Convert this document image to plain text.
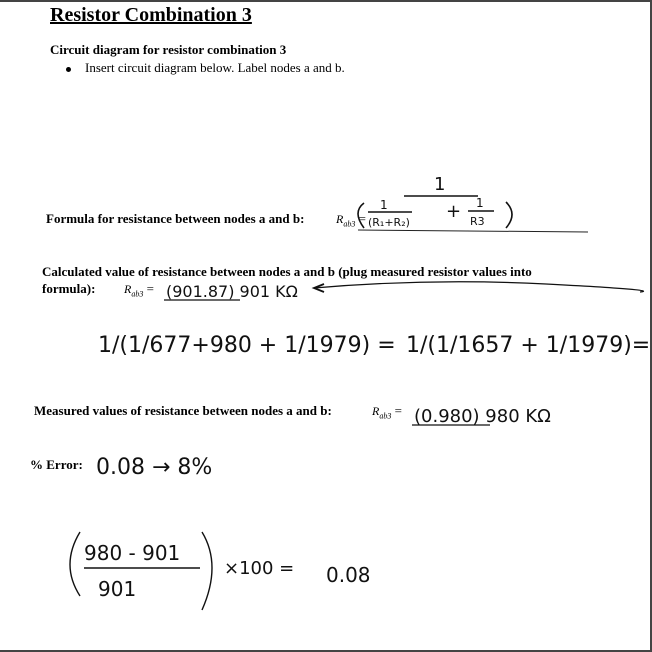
Resistor Combination 3
Circuit diagram for resistor combination 3
Insert circuit diagram below. Label nodes a and b.
Formula for resistance between nodes a and b:	$R_{ab3}$ =
Calculated value of resistance between nodes a and b (plug measured resistor values into
formula): $R_{ab3}$ =
Measured values of resistance between nodes a and b:	$R_{ab3}$ =
% Error:
1
1
(R₁+R₂)
+ 1
R3
(901.87) 901 KΩ
1/(1/677+980 + 1/1979) = 1/(1/1657 + 1/1979)=
(0.980) 980 KΩ
0.08 → 8%
980 - 901
901
×100 = 0.08
